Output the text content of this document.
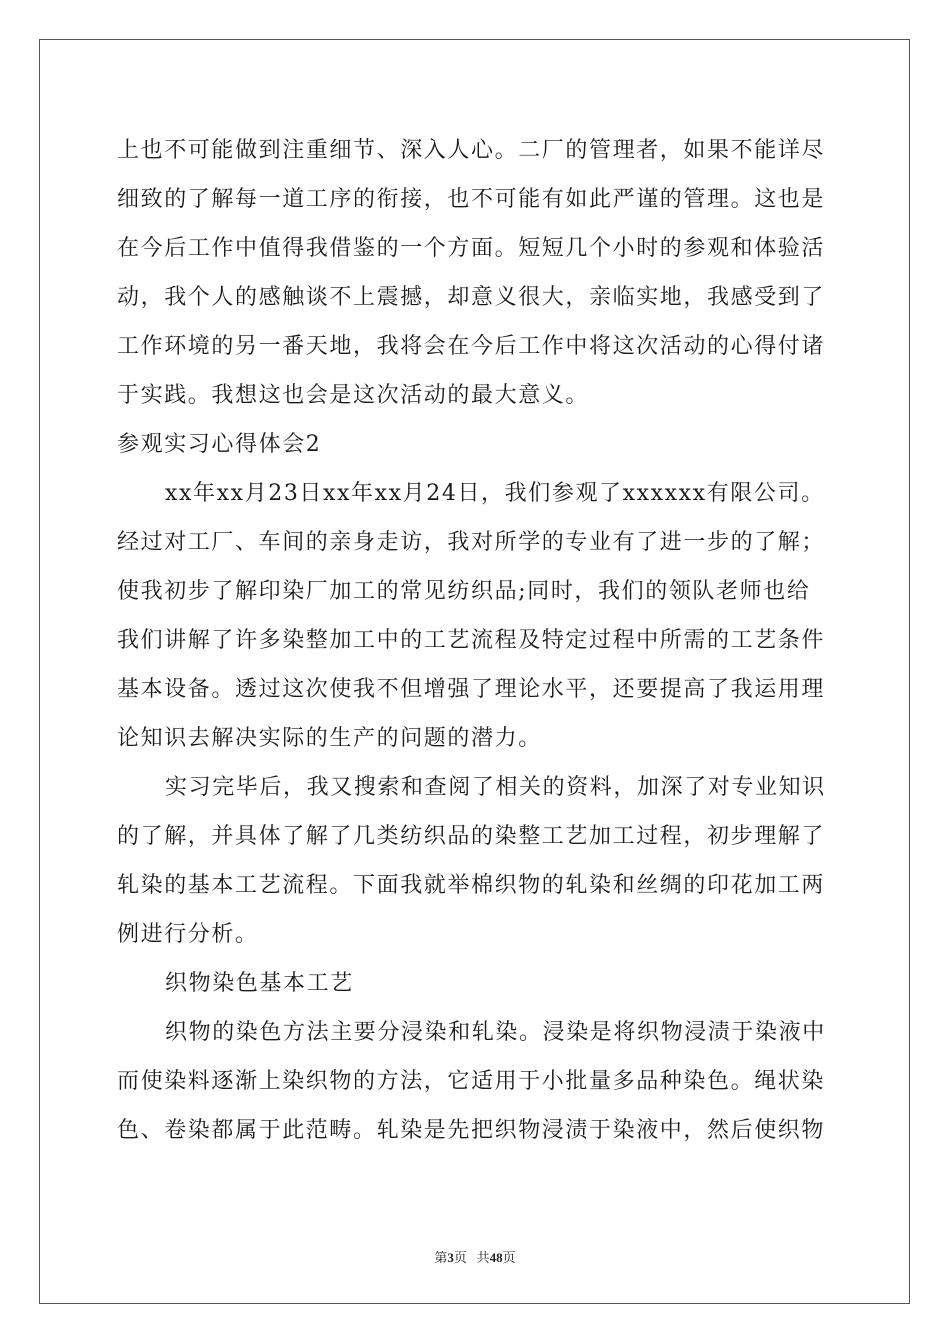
上也不可能做到注重细节、深入人心。二厂的管理者，如果不能详尽
细致的了解每一道工序的衔接，也不可能有如此严谨的管理。这也是
在今后工作中值得我借鉴的一个方面。短短几个小时的参观和体验活
动，我个人的感触谈不上震撼，却意义很大，亲临实地，我感受到了
工作环境的另一番天地，我将会在今后工作中将这次活动的心得付诸
于实践。我想这也会是这次活动的最大意义。
参观实习心得体会2
xx年xx月23日xx年xx月24日，我们参观了xxxxxx有限公司。
经过对工厂、车间的亲身走访，我对所学的专业有了进一步的了解；
使我初步了解印染厂加工的常见纺织品;同时，我们的领队老师也给
我们讲解了许多染整加工中的工艺流程及特定过程中所需的工艺条件
基本设备。透过这次使我不但增强了理论水平，还要提高了我运用理
论知识去解决实际的生产的问题的潜力。
实习完毕后，我又搜索和查阅了相关的资料，加深了对专业知识
的了解，并具体了解了几类纺织品的染整工艺加工过程，初步理解了
轧染的基本工艺流程。下面我就举棉织物的轧染和丝绸的印花加工两
例进行分析。
织物染色基本工艺
织物的染色方法主要分浸染和轧染。浸染是将织物浸渍于染液中
而使染料逐渐上染织物的方法，它适用于小批量多品种染色。绳状染
色、卷染都属于此范畴。轧染是先把织物浸渍于染液中，然后使织物
第3页 共48页
